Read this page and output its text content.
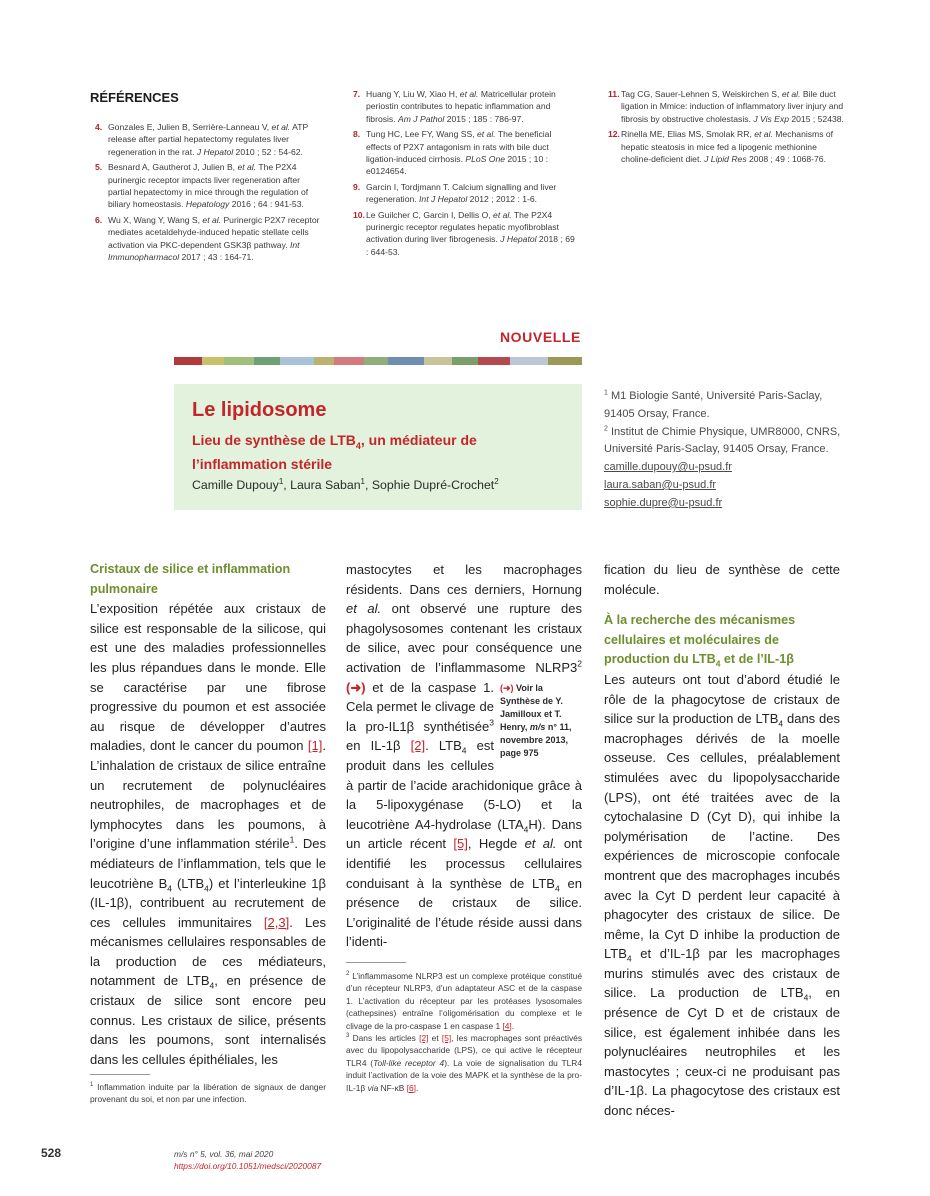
RÉFÉRENCES
4. Gonzales E, Julien B, Serrière-Lanneau V, et al. ATP release after partial hepatectomy regulates liver regeneration in the rat. J Hepatol 2010 ; 52 : 54-62.
5. Besnard A, Gautherot J, Julien B, et al. The P2X4 purinergic receptor impacts liver regeneration after partial hepatectomy in mice through the regulation of biliary homeostasis. Hepatology 2016 ; 64 : 941-53.
6. Wu X, Wang Y, Wang S, et al. Purinergic P2X7 receptor mediates acetaldehyde-induced hepatic stellate cells activation via PKC-dependent GSK3β pathway. Int Immunopharmacol 2017 ; 43 : 164-71.
7. Huang Y, Liu W, Xiao H, et al. Matricellular protein periostin contributes to hepatic inflammation and fibrosis. Am J Pathol 2015 ; 185 : 786-97.
8. Tung HC, Lee FY, Wang SS, et al. The beneficial effects of P2X7 antagonism in rats with bile duct ligation-induced cirrhosis. PLoS One 2015 ; 10 : e0124654.
9. Garcin I, Tordjmann T. Calcium signalling and liver regeneration. Int J Hepatol 2012 ; 2012 : 1-6.
10. Le Guilcher C, Garcin I, Dellis O, et al. The P2X4 purinergic receptor regulates hepatic myofibroblast activation during liver fibrogenesis. J Hepatol 2018 ; 69 : 644-53.
11. Tag CG, Sauer-Lehnen S, Weiskirchen S, et al. Bile duct ligation in Mmice: induction of inflammatory liver injury and fibrosis by obstructive cholestasis. J Vis Exp 2015 ; 52438.
12. Rinella ME, Elias MS, Smolak RR, et al. Mechanisms of hepatic steatosis in mice fed a lipogenic methionine choline-deficient diet. J Lipid Res 2008 ; 49 : 1068-76.
NOUVELLE
Le lipidosome
Lieu de synthèse de $LTB_4$, un médiateur de l’inflammation stérile
Camille Dupouy$^1$, Laura Saban$^1$, Sophie Dupré-Crochet$^2$
$^1$ M1 Biologie Santé, Université Paris-Saclay, 91405 Orsay, France.
$^2$ Institut de Chimie Physique, UMR8000, CNRS, Université Paris-Saclay, 91405 Orsay, France.
camille.dupouy@u-psud.fr
laura.saban@u-psud.fr
sophie.dupre@u-psud.fr
Cristaux de silice et inflammation pulmonaire

L’exposition répétée aux cristaux de silice est responsable de la silicose, qui est une des maladies professionnelles les plus répandues dans le monde. Elle se caractérise par une fibrose progressive du poumon et est associée au risque de développer d’autres maladies, dont le cancer du poumon [1]. L’inhalation de cristaux de silice entraîne un recrutement de polynucléaires neutrophiles, de macrophages et de lymphocytes dans les poumons, à l’origine d’une inflammation stérile$^1$. Des médiateurs de l’inflammation, tels que le leucotriène $B_4$ $(LTB_4)$ et l’interleukine 1β (IL-1β), contribuent au recrutement de ces cellules immunitaires [2,3]. Les mécanismes cellulaires responsables de la production de ces médiateurs, notamment de $LTB_4$, en présence de cristaux de silice sont encore peu connus. Les cristaux de silice, présents dans les poumons, sont internalisés dans les cellules épithéliales, les

$^1$ Inflammation induite par la libération de signaux de danger provenant du soi, et non par une infection.

mastocytes et les macrophages résidents. Dans ces derniers, Hornung et al. ont observé une rupture des phagolysosomes contenant les cristaux de silice, avec pour conséquence une activation de l’inflammasome $NLRP3^2$ (➜)	(➜) Voir la Synthèse de Y. Jamilloux et T. Henry, m/s n° 11, novembre 2013, page 975
et de la caspase 1. Cela permet le clivage de la pro-IL1β synthétisée$^3$ en IL-1β [2]. $LTB_4$ est produit dans les cellules à partir de l’acide arachidonique grâce à la 5-lipoxygénase (5-LO) et la leucotriène A4-hydrolase $(LTA_4H)$. Dans un article récent [5], Hegde et al. ont identifié les processus cellulaires conduisant à la synthèse de $LTB_4$ en présence de cristaux de silice. L’originalité de l’étude réside aussi dans l’identi-

$^2$ L’inflammasome NLRP3 est un complexe protéique constitué d’un récepteur NLRP3, d’un adaptateur ASC et de la caspase 1. L’activation du récepteur par les protéases lysosomales (cathepsines) entraîne l’oligomérisation du complexe et le clivage de la pro-caspase 1 en caspase 1 [4].
$^3$ Dans les articles [2] et [5], les macrophages sont préactivés avec du lipopolysaccharide (LPS), ce qui active le récepteur TLR4 (Toll-like receptor 4). La voie de signalisation du TLR4 induit l’activation de la voie des MAPK et la synthèse de la pro-IL-1β via NF-κB [6].

fication du lieu de synthèse de cette molécule.

À la recherche des mécanismes cellulaires et moléculaires de production du $LTB_4$ et de l’IL-1β

Les auteurs ont tout d’abord étudié le rôle de la phagocytose de cristaux de silice sur la production de $LTB_4$ dans des macrophages dérivés de la moelle osseuse. Ces cellules, préalablement stimulées avec du lipopolysaccharide (LPS), ont été traitées avec de la cytochalasine D (Cyt D), qui inhibe la polymérisation de l’actine. Des expériences de microscopie confocale montrent que des macrophages incubés avec la Cyt D perdent leur capacité à phagocyter des cristaux de silice. De même, la Cyt D inhibe la production de $LTB_4$ et d’IL-1β par les macrophages murins stimulés avec des cristaux de silice. La production de $LTB_4$, en présence de Cyt D et de cristaux de silice, est également inhibée dans les polynucléaires neutrophiles et les mastocytes ; ceux-ci ne produisant pas d’IL-1β. La phagocytose des cristaux est donc néces-

528	m/s n° 5, vol. 36, mai 2020
https://doi.org/10.1051/medsci/2020087
